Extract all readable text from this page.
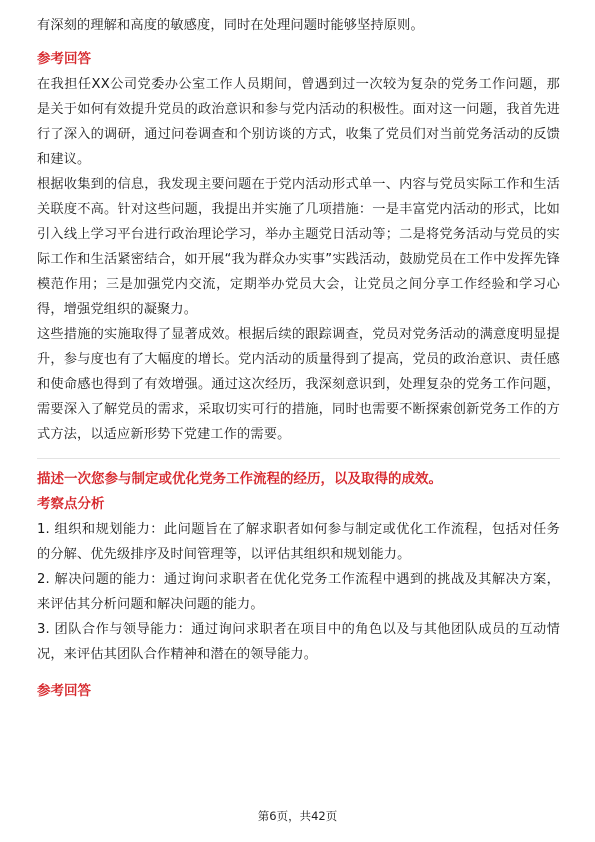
有深刻的理解和高度的敏感度，同时在处理问题时能够坚持原则。

参考回答

在我担任XX公司党委办公室工作人员期间，曾遇到过一次较为复杂的党务工作问题，那是关于如何有效提升党员的政治意识和参与党内活动的积极性。面对这一问题，我首先进行了深入的调研，通过问卷调查和个别访谈的方式，收集了党员们对当前党务活动的反馈和建议。

根据收集到的信息，我发现主要问题在于党内活动形式单一、内容与党员实际工作和生活关联度不高。针对这些问题，我提出并实施了几项措施：一是丰富党内活动的形式，比如引入线上学习平台进行政治理论学习，举办主题党日活动等；二是将党务活动与党员的实际工作和生活紧密结合，如开展“我为群众办实事”实践活动，鼓励党员在工作中发挥先锋模范作用；三是加强党内交流，定期举办党员大会，让党员之间分享工作经验和学习心得，增强党组织的凝聚力。

这些措施的实施取得了显著成效。根据后续的跟踪调查，党员对党务活动的满意度明显提升，参与度也有了大幅度的增长。党内活动的质量得到了提高，党员的政治意识、责任感和使命感也得到了有效增强。通过这次经历，我深刻意识到，处理复杂的党务工作问题，需要深入了解党员的需求，采取切实可行的措施，同时也需要不断探索创新党务工作的方式方法，以适应新形势下党建工作的需要。

描述一次您参与制定或优化党务工作流程的经历，以及取得的成效。

考察点分析

1. 组织和规划能力：此问题旨在了解求职者如何参与制定或优化工作流程，包括对任务的分解、优先级排序及时间管理等，以评估其组织和规划能力。

2. 解决问题的能力：通过询问求职者在优化党务工作流程中遇到的挑战及其解决方案，来评估其分析问题和解决问题的能力。

3. 团队合作与领导能力：通过询问求职者在项目中的角色以及与其他团队成员的互动情况，来评估其团队合作精神和潜在的领导能力。

参考回答

第6页，共42页
